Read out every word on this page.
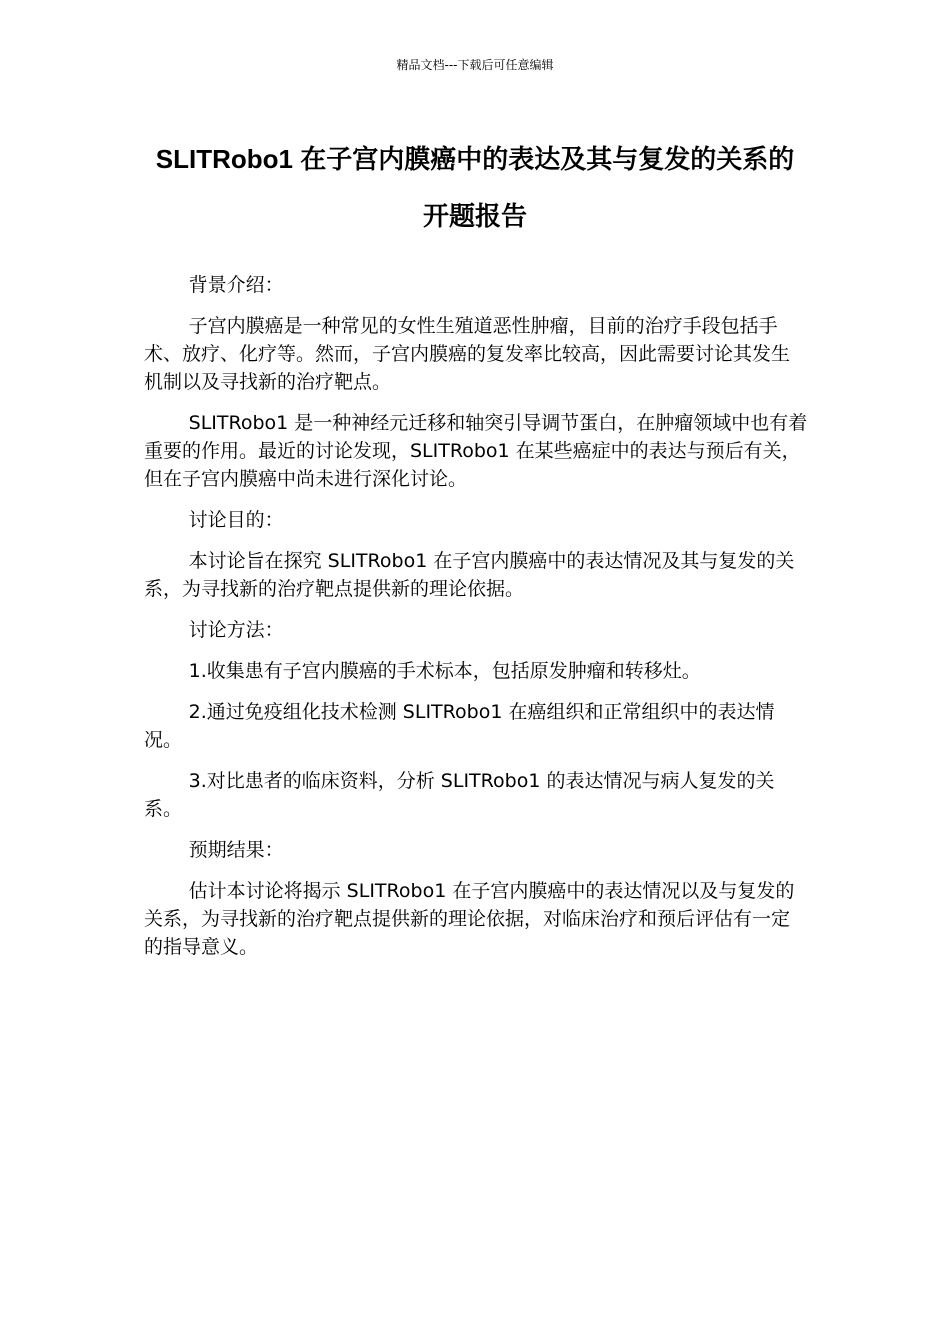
精品文档---下载后可任意编辑
SLITRobo1 在子宫内膜癌中的表达及其与复发的关系的开题报告

背景介绍：

子宫内膜癌是一种常见的女性生殖道恶性肿瘤，目前的治疗手段包括手术、放疗、化疗等。然而，子宫内膜癌的复发率比较高，因此需要讨论其发生机制以及寻找新的治疗靶点。

SLITRobo1 是一种神经元迁移和轴突引导调节蛋白，在肿瘤领域中也有着重要的作用。最近的讨论发现，SLITRobo1 在某些癌症中的表达与预后有关，但在子宫内膜癌中尚未进行深化讨论。

讨论目的：

本讨论旨在探究 SLITRobo1 在子宫内膜癌中的表达情况及其与复发的关系，为寻找新的治疗靶点提供新的理论依据。

讨论方法：

1.收集患有子宫内膜癌的手术标本，包括原发肿瘤和转移灶。

2.通过免疫组化技术检测 SLITRobo1 在癌组织和正常组织中的表达情况。

3.对比患者的临床资料，分析 SLITRobo1 的表达情况与病人复发的关系。

预期结果：

估计本讨论将揭示 SLITRobo1 在子宫内膜癌中的表达情况以及与复发的关系，为寻找新的治疗靶点提供新的理论依据，对临床治疗和预后评估有一定的指导意义。
